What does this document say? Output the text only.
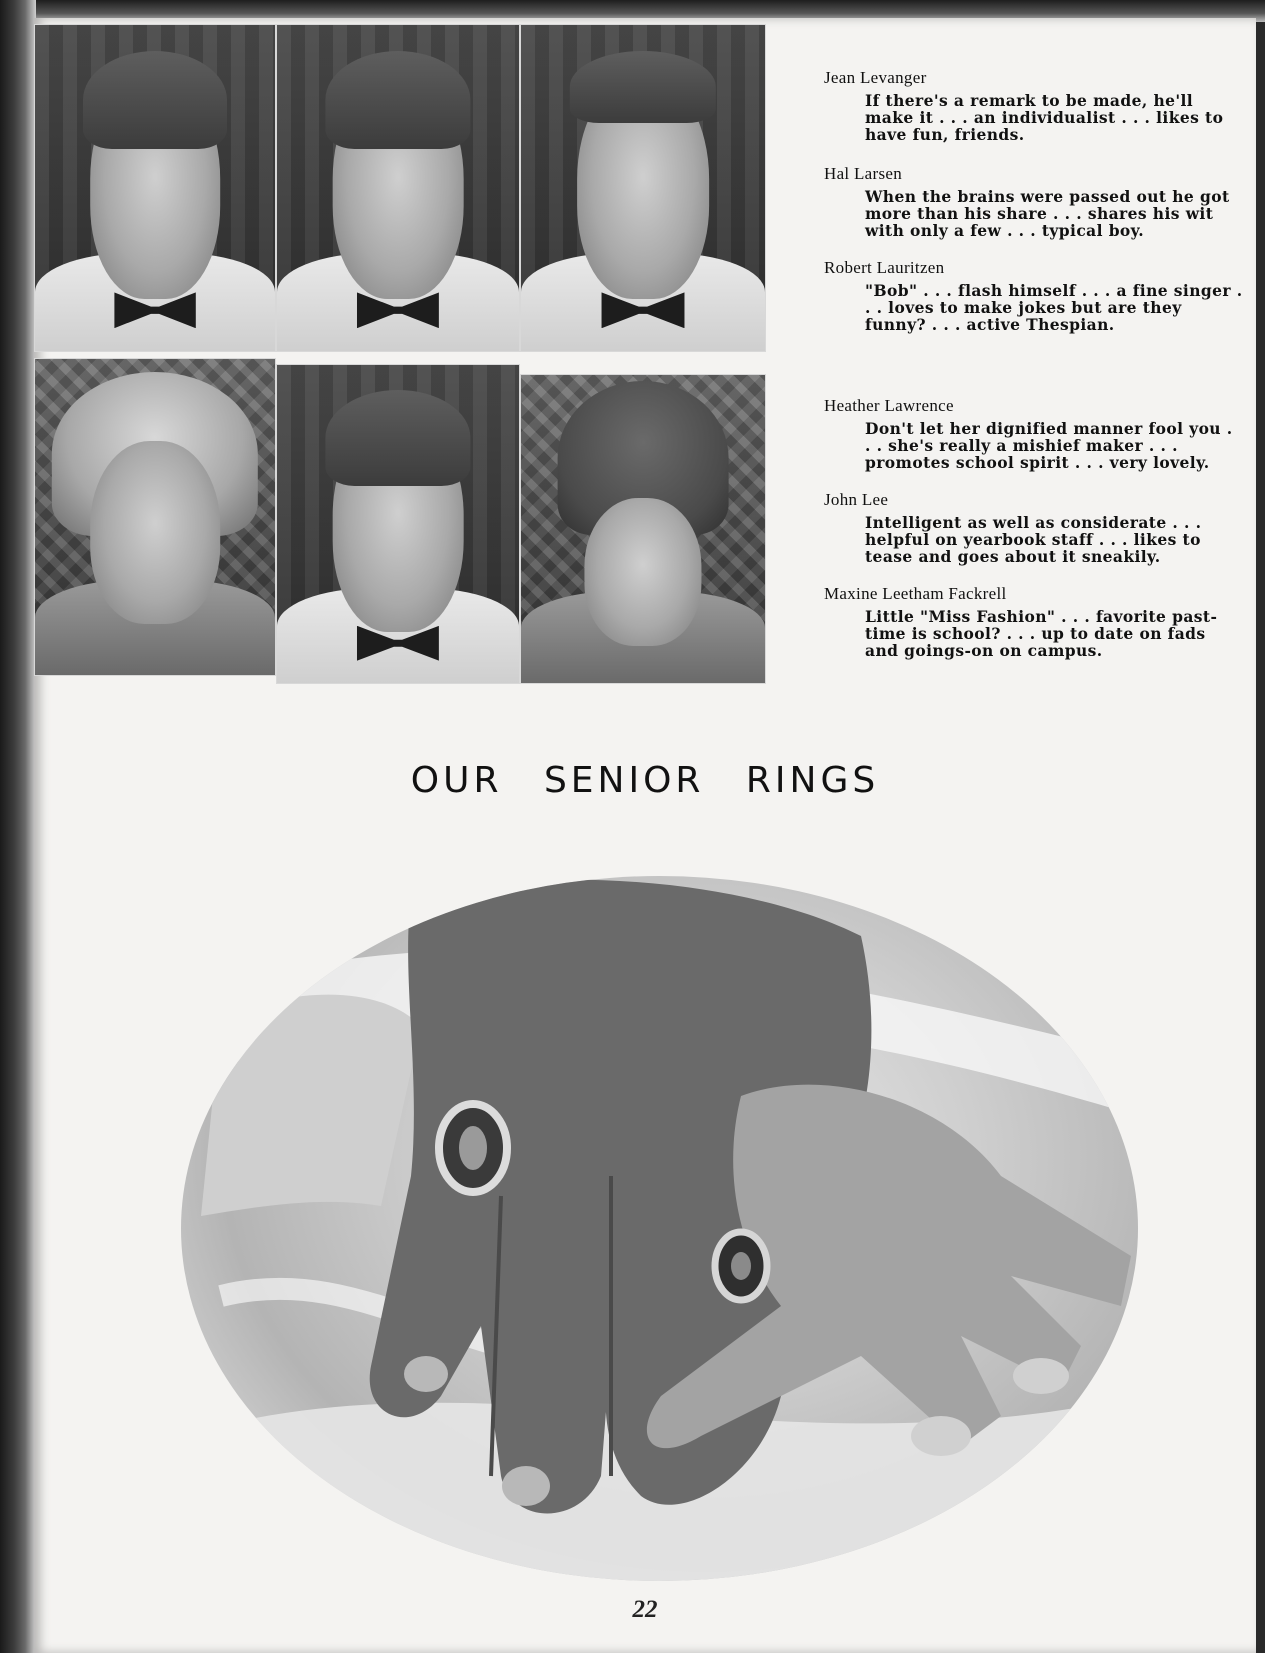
Jean Levanger
If there's a remark to be made, he'll make it . . . an individualist . . . likes to have fun, friends.
Hal Larsen
When the brains were passed out he got more than his share . . . shares his wit with only a few . . . typical boy.
Robert Lauritzen
"Bob" . . . flash himself . . . a fine singer . . . loves to make jokes but are they funny? . . . active Thespian.
Heather Lawrence
Don't let her dignified manner fool you . . . she's really a mishief maker . . . promotes school spirit . . . very lovely.
John Lee
Intelligent as well as considerate . . . helpful on yearbook staff . . . likes to tease and goes about it sneakily.
Maxine Leetham Fackrell
Little "Miss Fashion" . . . favorite past-time is school? . . . up to date on fads and goings-on on campus.
OUR SENIOR RINGS
22
